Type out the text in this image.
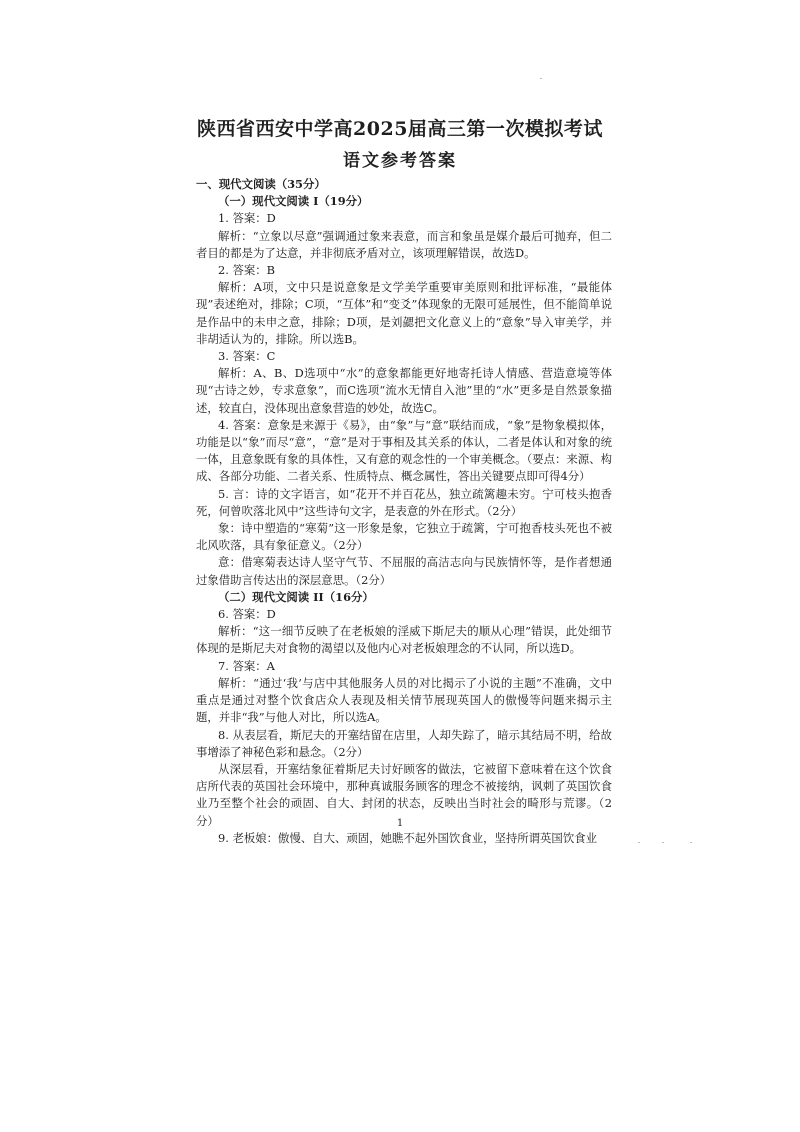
陕西省西安中学高2025届高三第一次模拟考试
语文参考答案

一、现代文阅读（35分）

（一）现代文阅读 I（19分）

1. 答案：D

解析：“立象以尽意”强调通过象来表意，而言和象虽是媒介最后可抛弃，但二者目的都是为了达意，并非彻底矛盾对立，该项理解错误，故选D。

2. 答案：B

解析：A项，文中只是说意象是文学美学重要审美原则和批评标准，“最能体现”表述绝对，排除；C项，“互体”和“变爻”体现象的无限可延展性，但不能简单说是作品中的未申之意，排除；D项，是刘勰把文化意义上的“意象”导入审美学，并非胡适认为的，排除。所以选B。

3. 答案：C

解析：A、B、D选项中“水”的意象都能更好地寄托诗人情感、营造意境等体现“古诗之妙，专求意象”，而C选项“流水无情自入池”里的“水”更多是自然景象描述，较直白，没体现出意象营造的妙处，故选C。

4. 答案：意象是来源于《易》，由“象”与“意”联结而成，“象”是物象模拟体，功能是以“象”而尽“意”，“意”是对于事相及其关系的体认，二者是体认和对象的统一体，且意象既有象的具体性，又有意的观念性的一个审美概念。（要点：来源、构成、各部分功能、二者关系、性质特点、概念属性，答出关键要点即可得4分）

5. 言：诗的文字语言，如“花开不并百花丛，独立疏篱趣未穷。宁可枝头抱香死，何曾吹落北风中”这些诗句文字，是表意的外在形式。（2分）

象：诗中塑造的“寒菊”这一形象是象，它独立于疏篱，宁可抱香枝头死也不被北风吹落，具有象征意义。（2分）

意：借寒菊表达诗人坚守气节、不屈服的高洁志向与民族情怀等，是作者想通过象借助言传达出的深层意思。（2分）

（二）现代文阅读 II（16分）

6. 答案：D

解析：“这一细节反映了在老板娘的淫威下斯尼夫的顺从心理”错误，此处细节体现的是斯尼夫对食物的渴望以及他内心对老板娘理念的不认同，所以选D。

7. 答案：A

解析：“通过‘我’与店中其他服务人员的对比揭示了小说的主题”不准确，文中重点是通过对整个饮食店众人表现及相关情节展现英国人的傲慢等问题来揭示主题，并非“我”与他人对比，所以选A。

8. 从表层看，斯尼夫的开塞结留在店里，人却失踪了，暗示其结局不明，给故事增添了神秘色彩和悬念。（2分）

从深层看，开塞结象征着斯尼夫讨好顾客的做法，它被留下意味着在这个饮食店所代表的英国社会环境中，那种真诚服务顾客的理念不被接纳，讽刺了英国饮食业乃至整个社会的顽固、自大、封闭的状态，反映出当时社会的畸形与荒谬。（2分）

9. 老板娘：傲慢、自大、顽固，她瞧不起外国饮食业，坚持所谓英国饮食业

1
